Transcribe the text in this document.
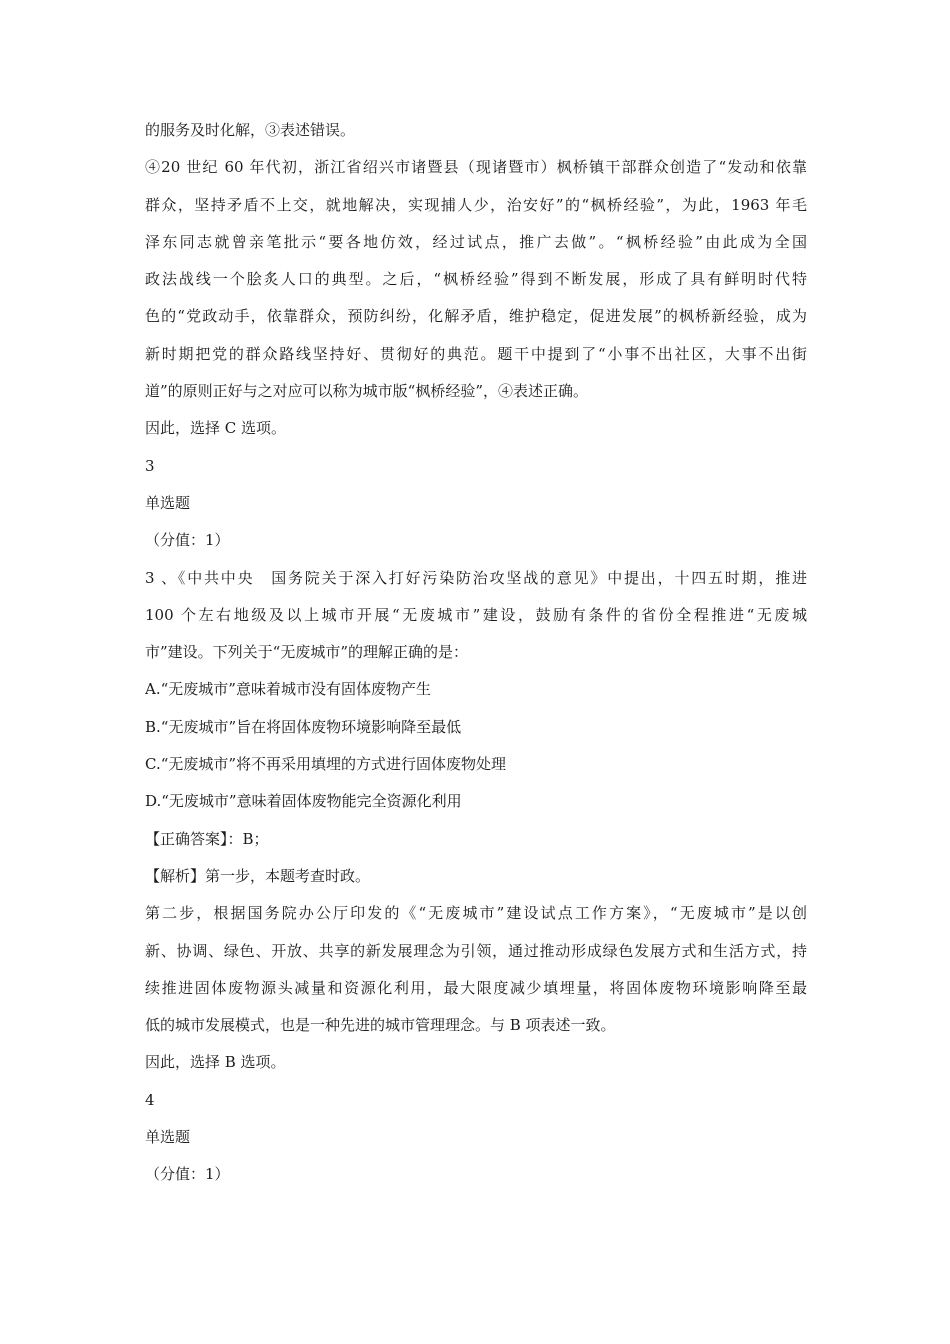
的服务及时化解，③表述错误。
④20 世纪 60 年代初，浙江省绍兴市诸暨县（现诸暨市）枫桥镇干部群众创造了“发动和依靠
群众，坚持矛盾不上交，就地解决，实现捕人少，治安好”的“枫桥经验”，为此，1963 年毛
泽东同志就曾亲笔批示“要各地仿效，经过试点，推广去做”。“枫桥经验”由此成为全国
政法战线一个脍炙人口的典型。之后，“枫桥经验”得到不断发展，形成了具有鲜明时代特
色的“党政动手，依靠群众，预防纠纷，化解矛盾，维护稳定，促进发展”的枫桥新经验，成为
新时期把党的群众路线坚持好、贯彻好的典范。题干中提到了“小事不出社区，大事不出街
道”的原则正好与之对应可以称为城市版“枫桥经验”，④表述正确。
因此，选择 C 选项。
3
单选题
（分值：1）
3 、《中共中央　国务院关于深入打好污染防治攻坚战的意见》中提出，十四五时期，推进
100 个左右地级及以上城市开展“无废城市”建设，鼓励有条件的省份全程推进“无废城
市”建设。下列关于“无废城市”的理解正确的是：
A.“无废城市”意味着城市没有固体废物产生
B.“无废城市”旨在将固体废物环境影响降至最低
C.“无废城市”将不再采用填埋的方式进行固体废物处理
D.“无废城市”意味着固体废物能完全资源化利用
【正确答案】：B；
【解析】第一步，本题考查时政。
第二步，根据国务院办公厅印发的《“无废城市”建设试点工作方案》，“无废城市”是以创
新、协调、绿色、开放、共享的新发展理念为引领，通过推动形成绿色发展方式和生活方式，持
续推进固体废物源头减量和资源化利用，最大限度减少填埋量，将固体废物环境影响降至最
低的城市发展模式，也是一种先进的城市管理理念。与 B 项表述一致。
因此，选择 B 选项。
4
单选题
（分值：1）
